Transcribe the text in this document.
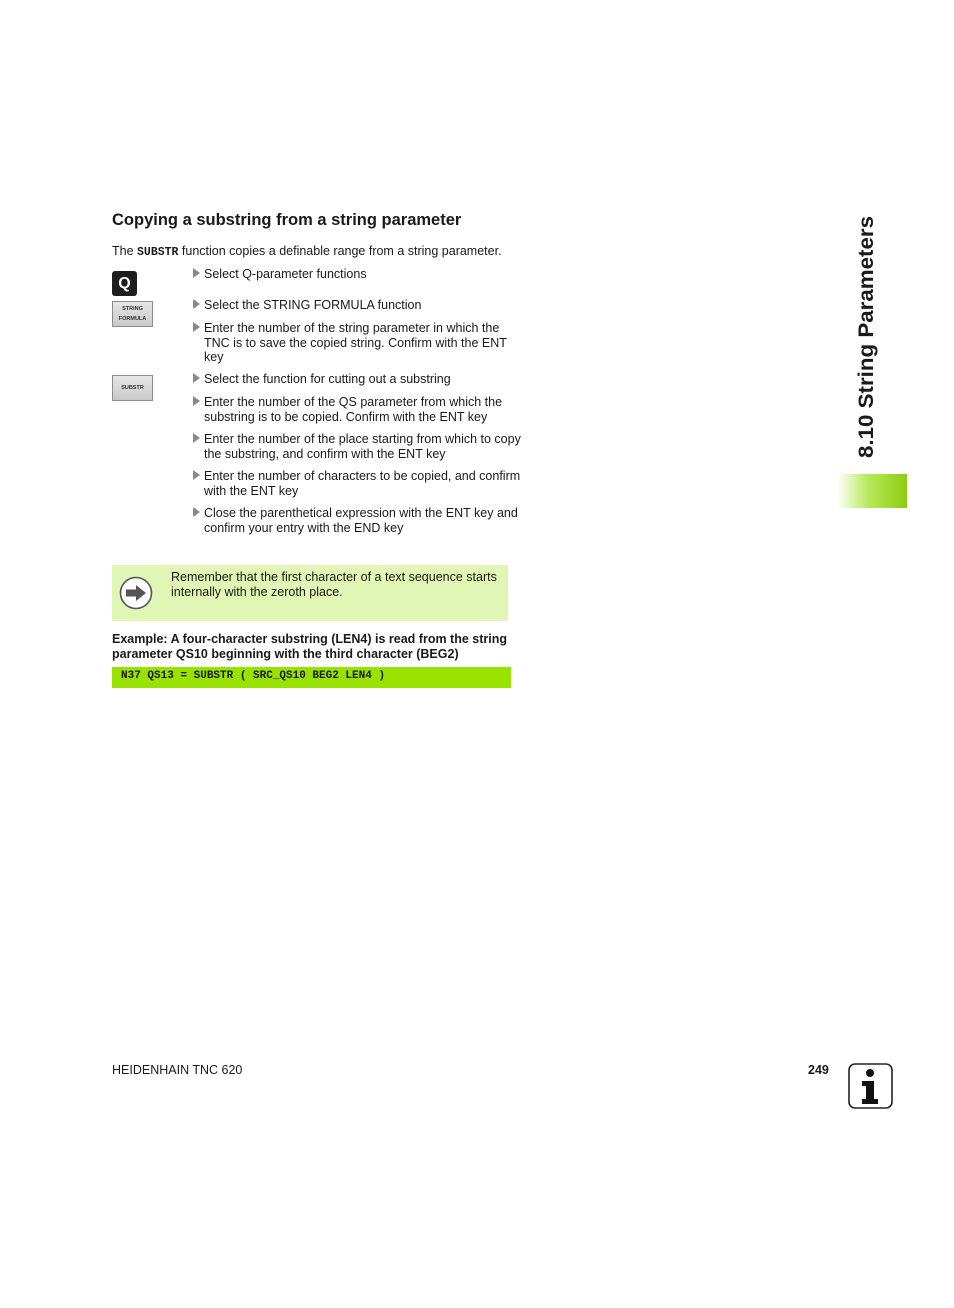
Copying a substring from a string parameter
The SUBSTR function copies a definable range from a string parameter.
Q
STRING
FORMULA
SUBSTR
Select Q-parameter functions
Select the STRING FORMULA function
Enter the number of the string parameter in which the TNC is to save the copied string. Confirm with the ENT key
Select the function for cutting out a substring
Enter the number of the QS parameter from which the substring is to be copied. Confirm with the ENT key
Enter the number of the place starting from which to copy the substring, and confirm with the ENT key
Enter the number of characters to be copied, and confirm with the ENT key
Close the parenthetical expression with the ENT key and confirm your entry with the END key
Remember that the first character of a text sequence starts internally with the zeroth place.
Example: A four-character substring (LEN4) is read from the string parameter QS10 beginning with the third character (BEG2)
N37 QS13 = SUBSTR ( SRC_QS10 BEG2 LEN4 )
8.10 String Parameters
HEIDENHAIN TNC 620	249
